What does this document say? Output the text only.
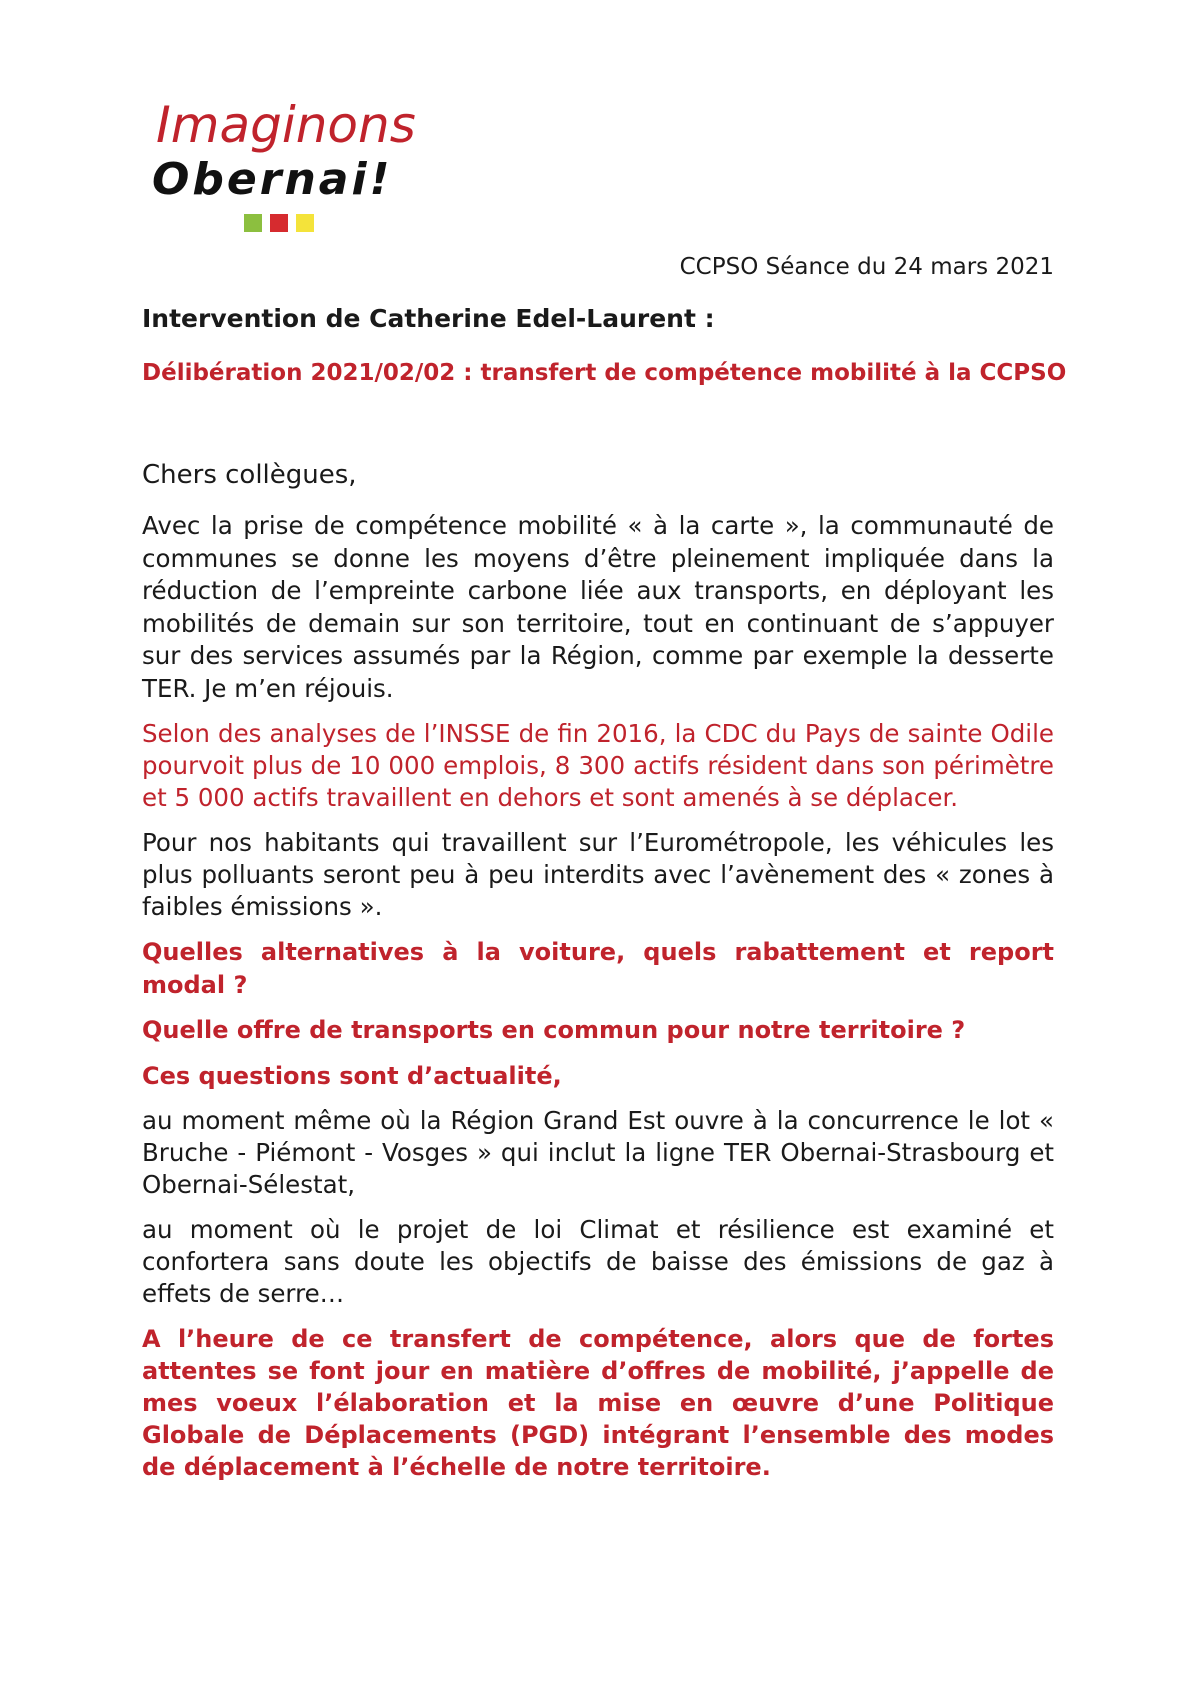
Imaginons
Obernai!
CCPSO Séance du 24 mars 2021
Intervention de Catherine Edel-Laurent :
Délibération 2021/02/02 : transfert de compétence mobilité à la CCPSO
Chers collègues,

Avec la prise de compétence mobilité « à la carte », la communauté de communes se donne les moyens d’être pleinement impliquée dans la réduction de l’empreinte carbone liée aux transports, en déployant les mobilités de demain sur son territoire, tout en continuant de s’appuyer sur des services assumés par la Région, comme par exemple la desserte TER. Je m’en réjouis.

Selon des analyses de l’INSSE de fin 2016, la CDC du Pays de sainte Odile pourvoit plus de 10 000 emplois, 8 300 actifs résident dans son périmètre et 5 000 actifs travaillent en dehors et sont amenés à se déplacer.

Pour nos habitants qui travaillent sur l’Eurométropole, les véhicules les plus polluants seront peu à peu interdits avec l’avènement des « zones à faibles émissions ».

Quelles alternatives à la voiture, quels rabattement et report modal ?

Quelle offre de transports en commun pour notre territoire ?

Ces questions sont d’actualité,

au moment même où la Région Grand Est ouvre à la concurrence le lot « Bruche - Piémont - Vosges » qui inclut la ligne TER Obernai-Strasbourg et Obernai-Sélestat,

au moment où le projet de loi Climat et résilience est examiné et confortera sans doute les objectifs de baisse des émissions de gaz à effets de serre…

A l’heure de ce transfert de compétence, alors que de fortes attentes se font jour en matière d’offres de mobilité, j’appelle de mes voeux l’élaboration et la mise en œuvre d’une Politique Globale de Déplacements (PGD) intégrant l’ensemble des modes de déplacement à l’échelle de notre territoire.
